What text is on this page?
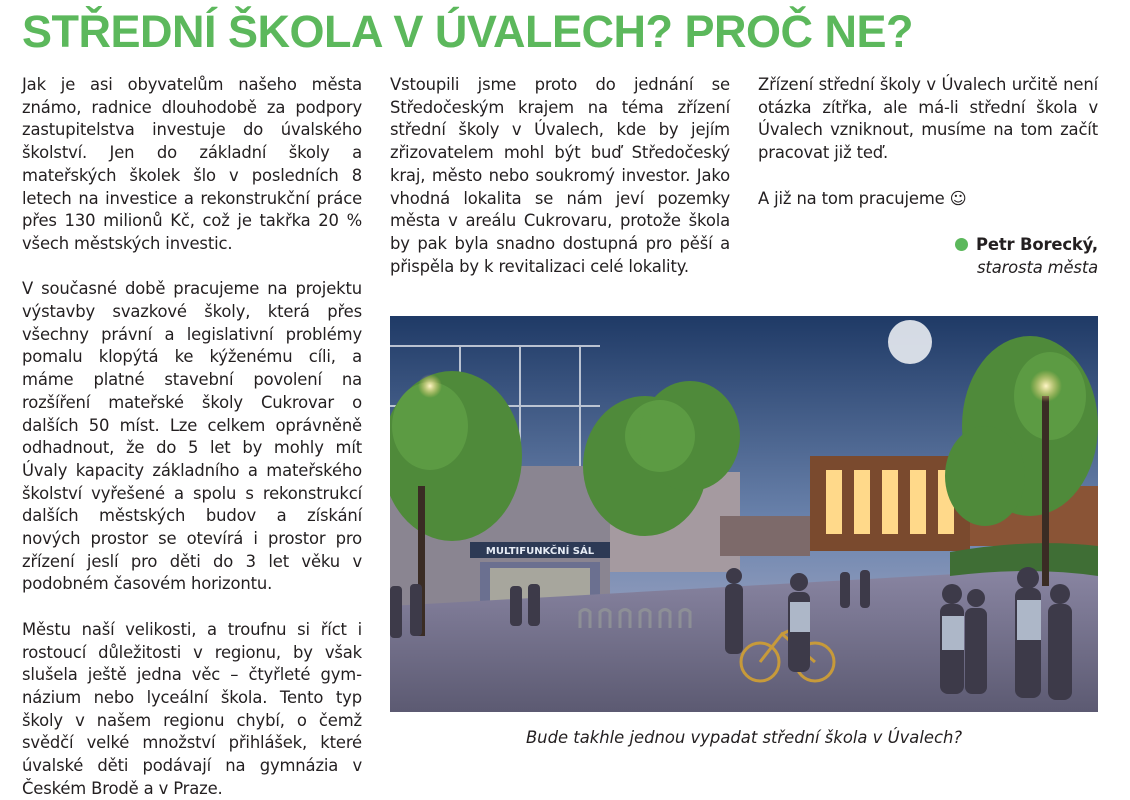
STŘEDNÍ ŠKOLA V ÚVALECH? PROČ NE?

Jak je asi obyvatelům našeho města známo, radnice dlouhodobě za podpory zastupitelstva investuje do úvalského školství. Jen do základní školy a mateřských školek šlo v posledních 8 letech na investice a rekonstrukční práce přes 130 milionů Kč, což je takřka 20 % všech městských investic.

V současné době pracujeme na projektu výstavby svazkové školy, která přes všechny právní a legislativní problémy pomalu klopýtá ke kýženému cíli, a máme platné stavební povolení na rozšíření mateřské školy Cukrovar o dalších 50 míst. Lze celkem oprávněně odhadnout, že do 5 let by mohly mít Úvaly kapacity základního a mateřského školství vyřešené a spolu s rekonstrukcí dalších městských budov a získání nových prostor se otevírá i prostor pro zřízení jeslí pro děti do 3 let věku v podobném časovém horizontu.

Městu naší velikosti, a troufnu si říct i rostoucí důležitosti v regionu, by však slušela ještě jedna věc – čtyřleté gymnázium nebo lyceální škola. Tento typ školy v našem regionu chybí, o čemž svědčí velké množství přihlášek, které úvalské děti podávají na gymnázia v Českém Brodě a v Praze.

Vstoupili jsme proto do jednání se Středočeským krajem na téma zřízení střední školy v Úvalech, kde by jejím zřizovatelem mohl být buď Středočeský kraj, město nebo soukromý investor. Jako vhodná lokalita se nám jeví pozemky města v areálu Cukrovaru, protože škola by pak byla snadno dostupná pro pěší a přispěla by k revitalizaci celé lokality.

Zřízení střední školy v Úvalech určitě není otázka zítřka, ale má-li střední škola v Úvalech vzniknout, musíme na tom začít pracovat již teď.

A již na tom pracujeme ☺

Petr Borecký,
starosta města
MULTIFUNKČNÍ SÁL
Bude takhle jednou vypadat střední škola v Úvalech?
